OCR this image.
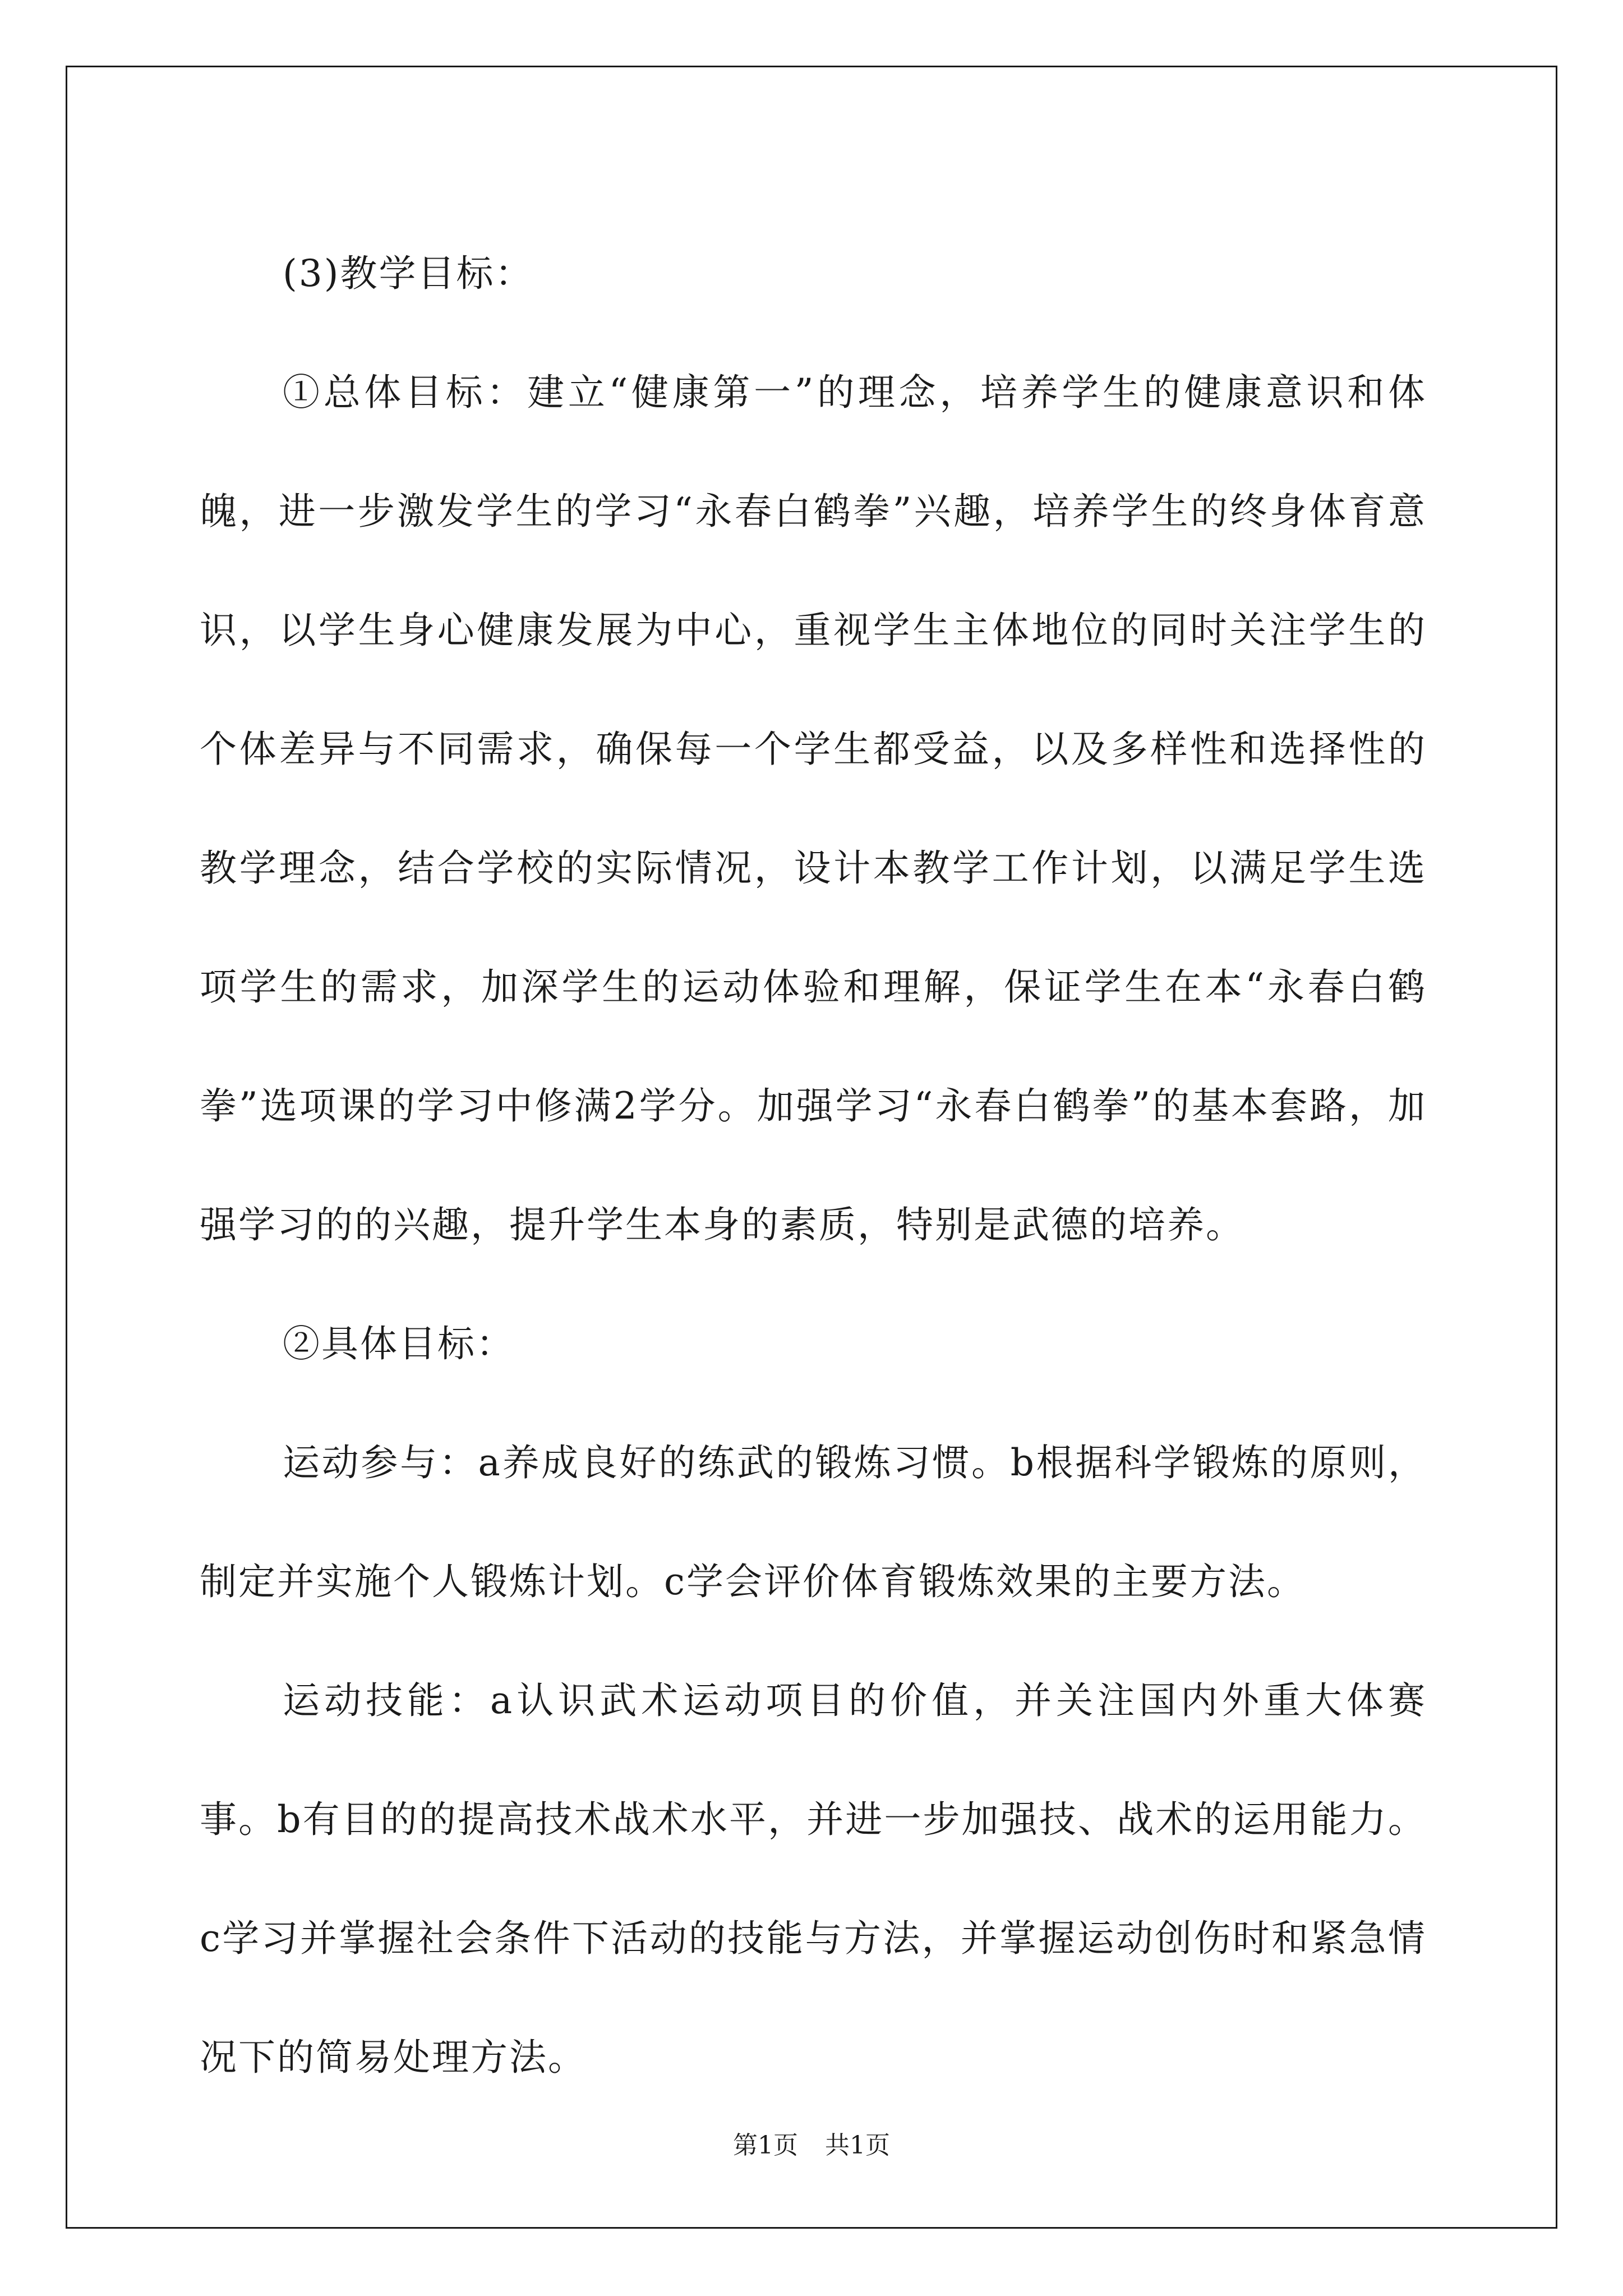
(3)教学目标：

①总体目标：建立“健康第一”的理念，培养学生的健康意识和体魄，进一步激发学生的学习“永春白鹤拳”兴趣，培养学生的终身体育意识，以学生身心健康发展为中心，重视学生主体地位的同时关注学生的个体差异与不同需求，确保每一个学生都受益，以及多样性和选择性的教学理念，结合学校的实际情况，设计本教学工作计划，以满足学生选项学生的需求，加深学生的运动体验和理解，保证学生在本“永春白鹤拳”选项课的学习中修满2学分。加强学习“永春白鹤拳”的基本套路，加强学习的的兴趣，提升学生本身的素质，特别是武德的培养。

②具体目标：

运动参与：a养成良好的练武的锻炼习惯。b根据科学锻炼的原则，制定并实施个人锻炼计划。c学会评价体育锻炼效果的主要方法。

运动技能：a认识武术运动项目的价值，并关注国内外重大体赛事。b有目的的提高技术战术水平，并进一步加强技、战术的运用能力。c学习并掌握社会条件下活动的技能与方法，并掌握运动创伤时和紧急情况下的简易处理方法。

第1页 共1页
